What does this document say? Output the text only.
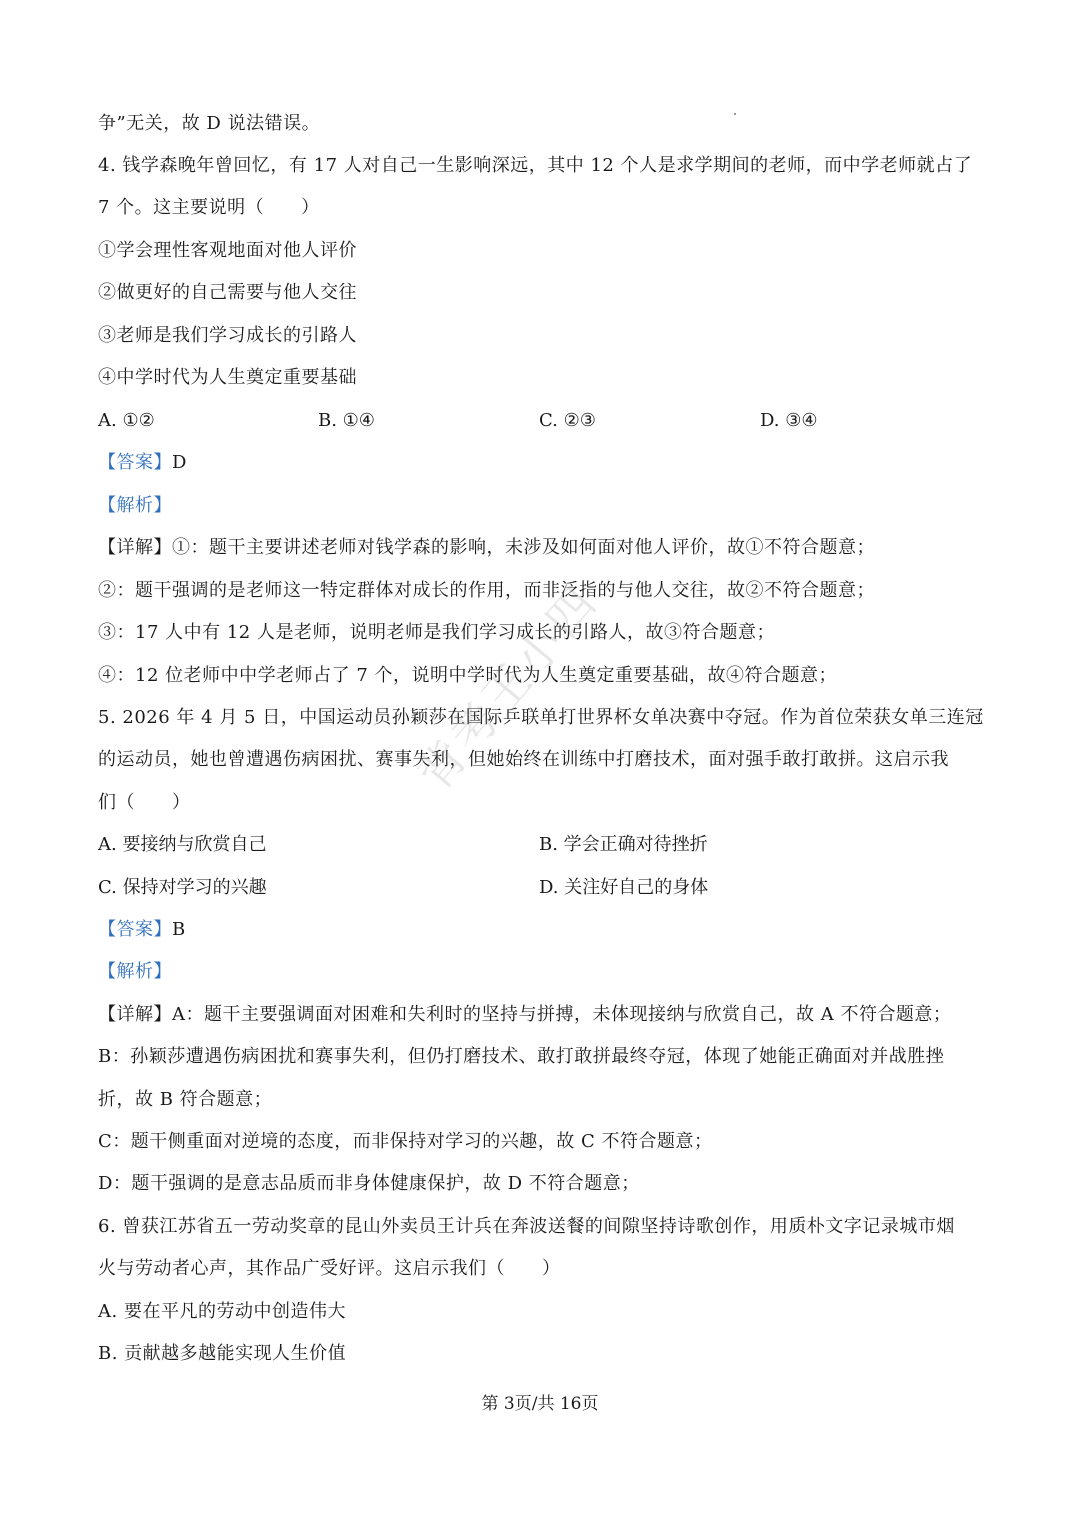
争”无关，故 D 说法错误。
4. 钱学森晚年曾回忆，有 17 人对自己一生影响深远，其中 12 个人是求学期间的老师，而中学老师就占了
7 个。这主要说明（　　）
①学会理性客观地面对他人评价
②做更好的自己需要与他人交往
③老师是我们学习成长的引路人
④中学时代为人生奠定重要基础
A. ①②	B. ①④	C. ②③	D. ③④
【答案】D
【解析】
【详解】①：题干主要讲述老师对钱学森的影响，未涉及如何面对他人评价，故①不符合题意；
②：题干强调的是老师这一特定群体对成长的作用，而非泛指的与他人交往，故②不符合题意；
③：17 人中有 12 人是老师，说明老师是我们学习成长的引路人，故③符合题意；
④：12 位老师中中学老师占了 7 个，说明中学时代为人生奠定重要基础，故④符合题意；
5. 2026 年 4 月 5 日，中国运动员孙颖莎在国际乒联单打世界杯女单决赛中夺冠。作为首位荣获女单三连冠
的运动员，她也曾遭遇伤病困扰、赛事失利，但她始终在训练中打磨技术，面对强手敢打敢拼。这启示我
们（　　）
A. 要接纳与欣赏自己	B. 学会正确对待挫折
C. 保持对学习的兴趣	D. 关注好自己的身体
【答案】B
【解析】
【详解】A：题干主要强调面对困难和失利时的坚持与拼搏，未体现接纳与欣赏自己，故 A 不符合题意；
B：孙颖莎遭遇伤病困扰和赛事失利，但仍打磨技术、敢打敢拼最终夺冠，体现了她能正确面对并战胜挫
折，故 B 符合题意；
C：题干侧重面对逆境的态度，而非保持对学习的兴趣，故 C 不符合题意；
D：题干强调的是意志品质而非身体健康保护，故 D 不符合题意；
6. 曾获江苏省五一劳动奖章的昆山外卖员王计兵在奔波送餐的间隙坚持诗歌创作，用质朴文字记录城市烟
火与劳动者心声，其作品广受好评。这启示我们（　　）
A. 要在平凡的劳动中创造伟大
B. 贡献越多越能实现人生价值
第 3页/共 16页
背考王小四
